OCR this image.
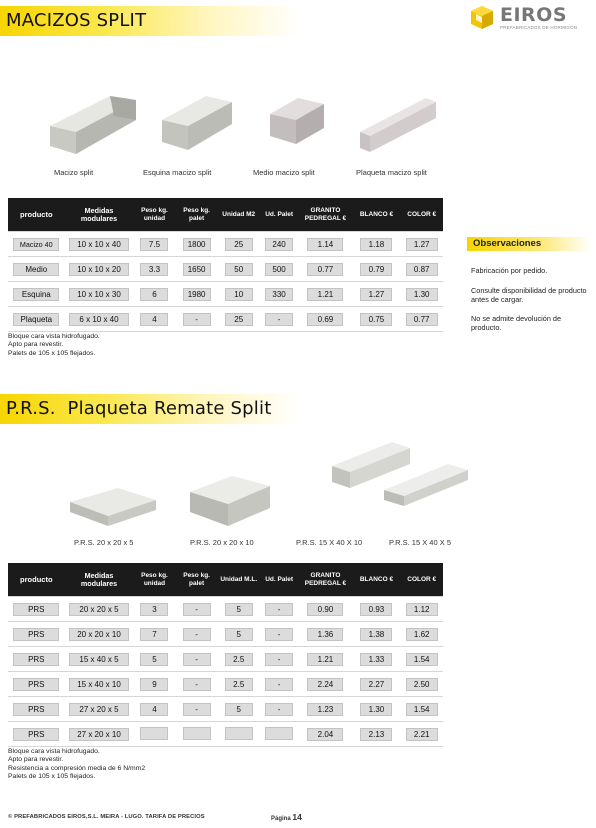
MACIZOS SPLIT	EIROS
PREFABRICADOS DE HORMIGÓN
Macizo split	Esquina macizo split	Medio macizo split	Plaqueta macizo split
producto	Medidas modulares	Peso kg. unidad	Peso kg. palet	Unidad M2	Ud. Palet	GRANITO PEDREGAL €	BLANCO €	COLOR €
Macizo 40	10 x 10 x 40	7.5	1800	25	240	1.14	1.18	1.27
Medio	10 x 10 x 20	3.3	1650	50	500	0.77	0.79	0.87
Esquina	10 x 10 x 30	6	1980	10	330	1.21	1.27	1.30
Plaqueta	6 x 10 x 40	4	-	25	-	0.69	0.75	0.77
Bloque cara vista hidrofugado.
Apto para revestir.
Palets de 105 x 105 flejados.
Observaciones
Fabricación por pedido.
Consulte disponibilidad de producto antes de cargar.
No se admite devolución de producto.
P.R.S.  Plaqueta Remate Split
P.R.S. 20 x 20 x 5	P.R.S. 20 x 20 x 10	P.R.S. 15 X 40 X 10	P.R.S. 15 X 40 X 5
producto	Medidas modulares	Peso kg. unidad	Peso kg. palet	Unidad M.L.	Ud. Palet	GRANITO PEDREGAL €	BLANCO €	COLOR €
PRS	20 x 20 x 5	3	-	5	-	0.90	0.93	1.12
PRS	20 x 20 x 10	7	-	5	-	1.36	1.38	1.62
PRS	15 x 40 x 5	5	-	2.5	-	1.21	1.33	1.54
PRS	15 x 40 x 10	9	-	2.5	-	2.24	2.27	2.50
PRS	27 x 20 x 5	4	-	5	-	1.23	1.30	1.54
PRS	27 x 20 x 10					2.04	2.13	2.21
Bloque cara vista hidrofugado.
Apto para revestir.
Resistencia a compresión media de 6 N/mm2
Palets de 105 x 105 flejados.
© PREFABRICADOS EIROS,S.L. MEIRA - LUGO. TARIFA DE PRECIOS	Página 14
